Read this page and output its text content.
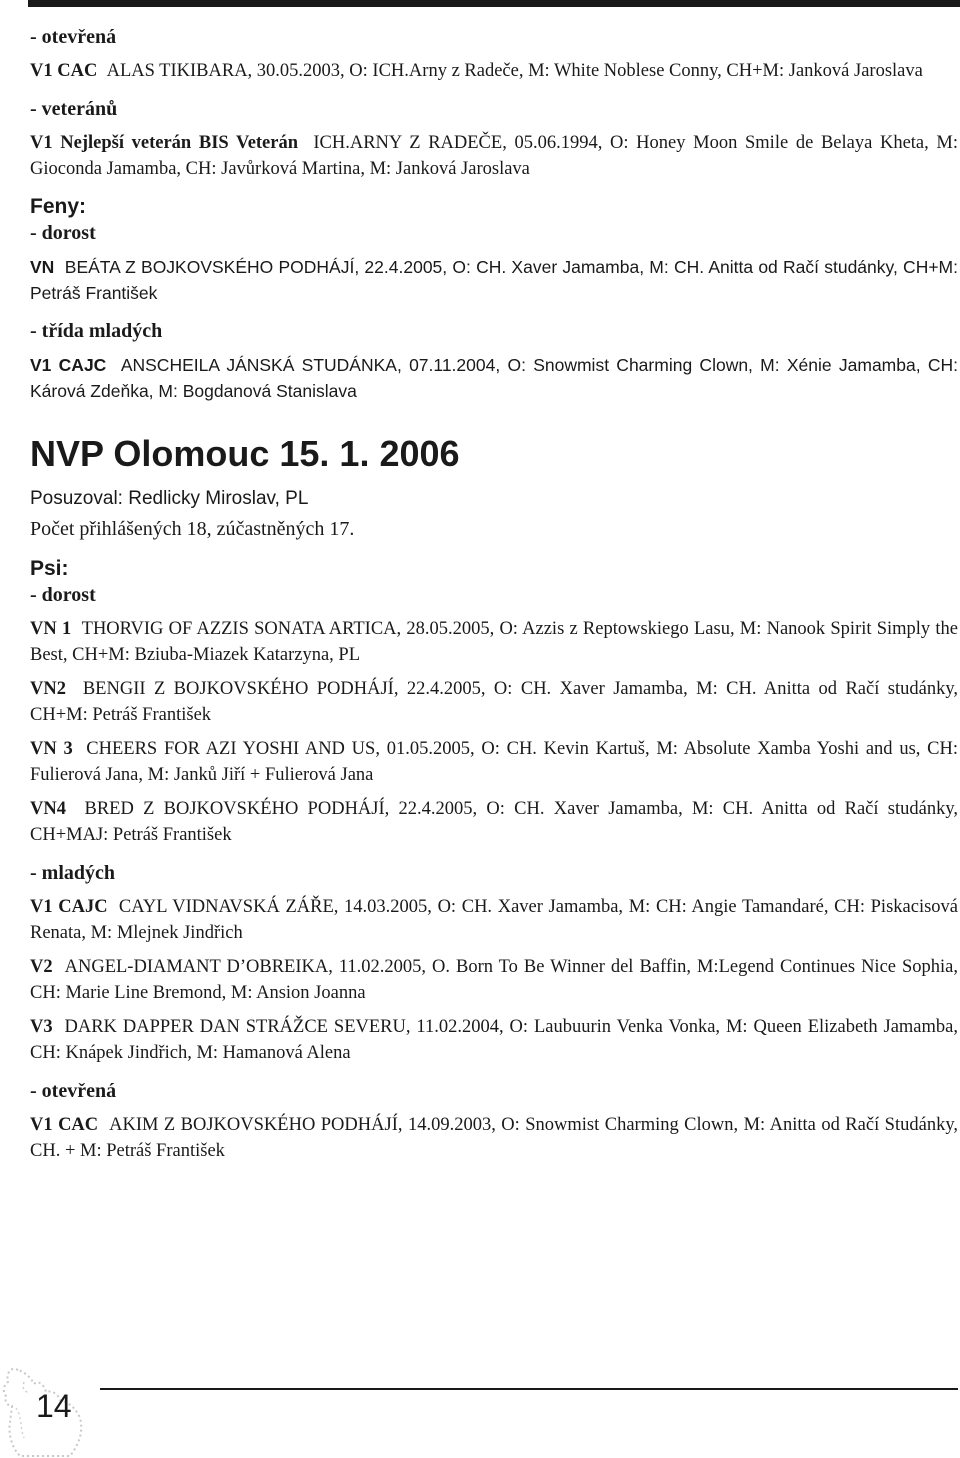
- otevřená

V1 CAC ALAS TIKIBARA, 30.05.2003, O: ICH.Arny z Radeče, M: White Noblese Conny, CH+M: Janková Jaroslava

- veteránů

V1 Nejlepší veterán BIS Veterán ICH.ARNY Z RADEČE, 05.06.1994, O: Honey Moon Smile de Belaya Kheta, M: Gioconda Jamamba, CH: Javůrková Martina, M: Janková Jaroslava

Feny:

- dorost

VN BEÁTA Z BOJKOVSKÉHO PODHÁJÍ, 22.4.2005, O: CH. Xaver Jamamba, M: CH. Anitta od Račí studánky, CH+M: Petráš František

- třída mladých

V1 CAJC ANSCHEILA JÁNSKÁ STUDÁNKA, 07.11.2004, O: Snowmist Charming Clown, M: Xénie Jamamba, CH: Kárová Zdeňka, M: Bogdanová Stanislava

NVP Olomouc 15. 1. 2006

Posuzoval: Redlicky Miroslav, PL

Počet přihlášených 18, zúčastněných 17.

Psi:

- dorost

VN 1 THORVIG OF AZZIS SONATA ARTICA, 28.05.2005, O: Azzis z Reptowskiego Lasu, M: Nanook Spirit Simply the Best, CH+M: Bziuba-Miazek Katarzyna, PL

VN2 BENGII Z BOJKOVSKÉHO PODHÁJÍ, 22.4.2005, O: CH. Xaver Jamamba, M: CH. Anitta od Račí studánky, CH+M: Petráš František

VN 3 CHEERS FOR AZI YOSHI AND US, 01.05.2005, O: CH. Kevin Kartuš, M: Absolute Xamba Yoshi and us, CH: Fulierová Jana, M: Janků Jiří + Fulierová Jana

VN4 BRED Z BOJKOVSKÉHO PODHÁJÍ, 22.4.2005, O: CH. Xaver Jamamba, M: CH. Anitta od Račí studánky, CH+MAJ: Petráš František

- mladých

V1 CAJC CAYL VIDNAVSKÁ ZÁŘE, 14.03.2005, O: CH. Xaver Jamamba, M: CH: Angie Tamandaré, CH: Piskacisová Renata, M: Mlejnek Jindřich

V2 ANGEL-DIAMANT D’OBREIKA, 11.02.2005, O. Born To Be Winner del Baffin, M:Legend Continues Nice Sophia, CH: Marie Line Bremond, M: Ansion Joanna

V3 DARK DAPPER DAN STRÁŽCE SEVERU, 11.02.2004, O: Laubuurin Venka Vonka, M: Queen Elizabeth Jamamba, CH: Knápek Jindřich, M: Hamanová Alena

- otevřená

V1 CAC AKIM Z BOJKOVSKÉHO PODHÁJÍ, 14.09.2003, O: Snowmist Charming Clown, M: Anitta od Račí Studánky, CH. + M: Petráš František

14
